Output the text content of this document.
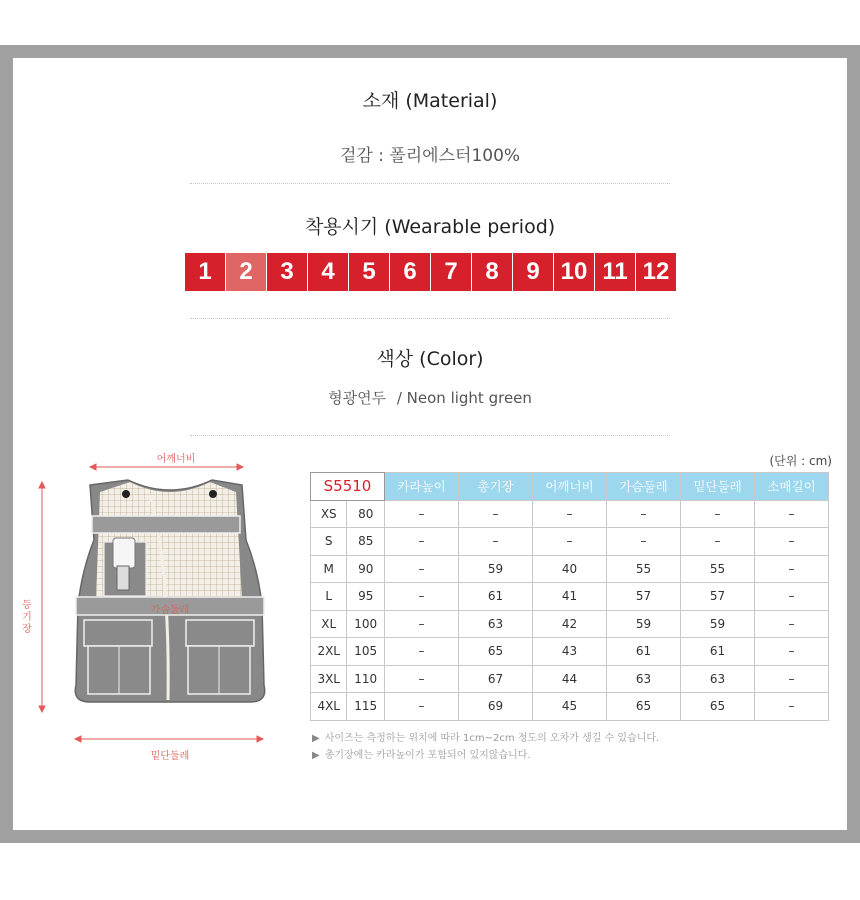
소재 (Material)
겉감 : 폴리에스터100%
착용시기 (Wearable period)
1	2	3	4	5	6	7	8	9 10 11 12
색상 (Color)
형광연두 / Neon light green
어깨너비
가슴둘레
밑단둘레
등 기 장
(단위 : cm)
S5510		카라높이	총기장	어깨너비	가슴둘레	밑단둘레	소매길이
XS	80	–	–	–	–	–	–
S	85	–	–	–	–	–	–
M	90	–	59	40	55	55	–
L	95	–	61	41	57	57	–
XL	100	–	63	42	59	59	–
2XL	105	–	65	43	61	61	–
3XL	110	–	67	44	63	63	–
4XL	115	–	69	45	65	65	–
▶ 사이즈는 측정하는 위치에 따라 1cm~2cm 정도의 오차가 생길 수 있습니다.
▶ 총기장에는 카라높이가 포함되어 있지않습니다.
